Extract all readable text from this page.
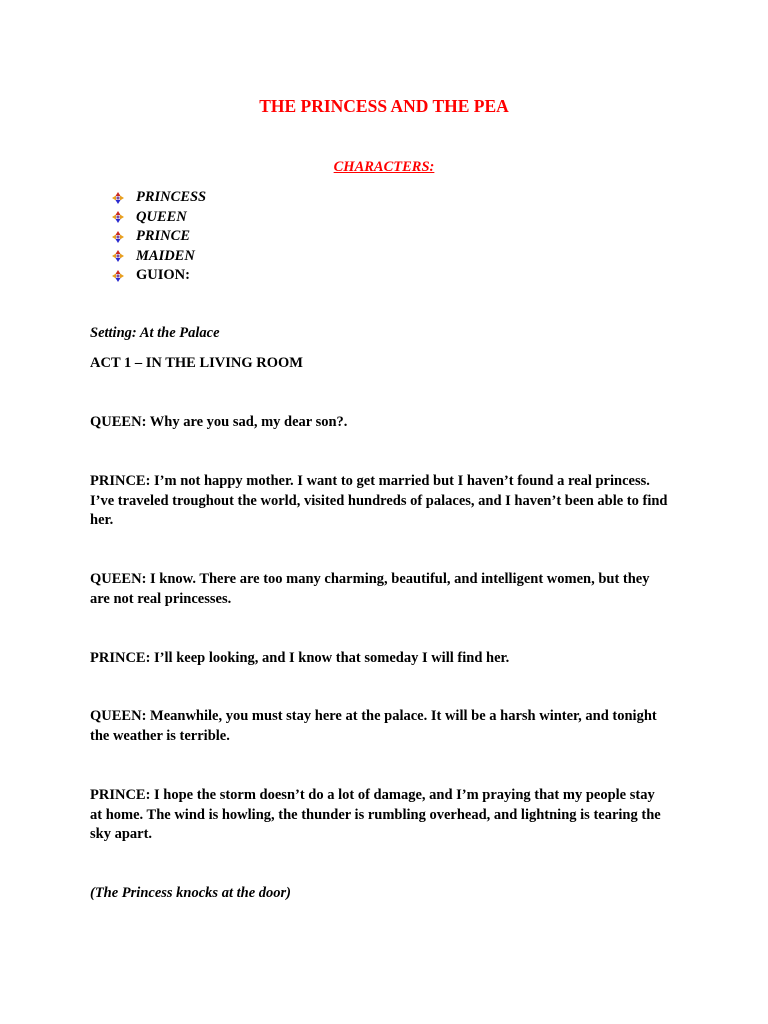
THE PRINCESS AND THE PEA

CHARACTERS:

PRINCESS
QUEEN
PRINCE
MAIDEN
GUION:

Setting: At the Palace

ACT 1 – IN THE LIVING ROOM

QUEEN: Why are you sad, my dear son?.

PRINCE: I’m not happy mother. I want to get married but I haven’t found a real princess. I’ve traveled troughout the world, visited hundreds of palaces, and I haven’t been able to find her.

QUEEN: I know. There are too many charming, beautiful, and intelligent women, but they are not real princesses.

PRINCE: I’ll keep looking, and I know that someday I will find her.

QUEEN: Meanwhile, you must stay here at the palace. It will be a harsh winter, and tonight the weather is terrible.

PRINCE: I hope the storm doesn’t do a lot of damage, and I’m praying that my people stay at home. The wind is howling, the thunder is rumbling overhead, and lightning is tearing the sky apart.

(The Princess knocks at the door)
